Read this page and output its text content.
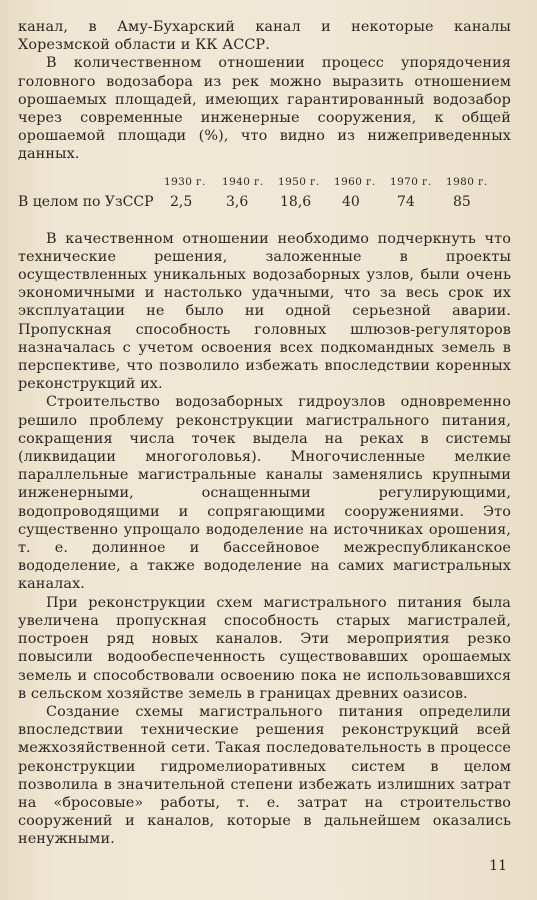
канал, в Аму-Бухарский канал и некоторые каналы Хорезмской области и КК АССР.

В количественном отношении процесс упорядочения головного водозабора из рек можно выразить отношением орошаемых площадей, имеющих гарантированный водозабор через современные инженерные сооружения, к общей орошаемой площади (%), что видно из нижеприведенных данных.

1930 г. 1940 г. 1950 г. 1960 г. 1970 г. 1980 г.
В целом по УзССР 2,5 3,6 18,6 40	74	85

В качественном отношении необходимо подчеркнуть что технические решения, заложенные в проекты осуществленных уникальных водозаборных узлов, были очень экономичными и настолько удачными, что за весь срок их эксплуатации не было ни одной серьезной аварии. Пропускная способность головных шлюзов-регуляторов назначалась с учетом освоения всех подкомандных земель в перспективе, что позволило избежать впоследствии коренных реконструкций их.

Строительство водозаборных гидроузлов одновременно решило проблему реконструкции магистрального питания, сокращения числа точек выдела на реках в системы (ликвидации многоголовья). Многочисленные мелкие параллельные магистральные каналы заменялись крупными инженерными, оснащенными регулирующими, водопроводящими и сопрягающими сооружениями. Это существенно упрощало вододеление на источниках орошения, т. е. долинное и бассейновое межреспубликанское вододеление, а также вододеление на самих магистральных каналах.

При реконструкции схем магистрального питания была увеличена пропускная способность старых магистралей, построен ряд новых каналов. Эти мероприятия резко повысили водообеспеченность существовавших орошаемых земель и способствовали освоению пока не использовавшихся в сельском хозяйстве земель в границах древних оазисов.

Создание схемы магистрального питания определили впоследствии технические решения реконструкций всей межхозяйственной сети. Такая последовательность в процессе реконструкции гидромелиоративных систем в целом позволила в значительной степени избежать излишних затрат на «бросовые» работы, т. е. затрат на строительство сооружений и каналов, которые в дальнейшем оказались ненужными.

11
